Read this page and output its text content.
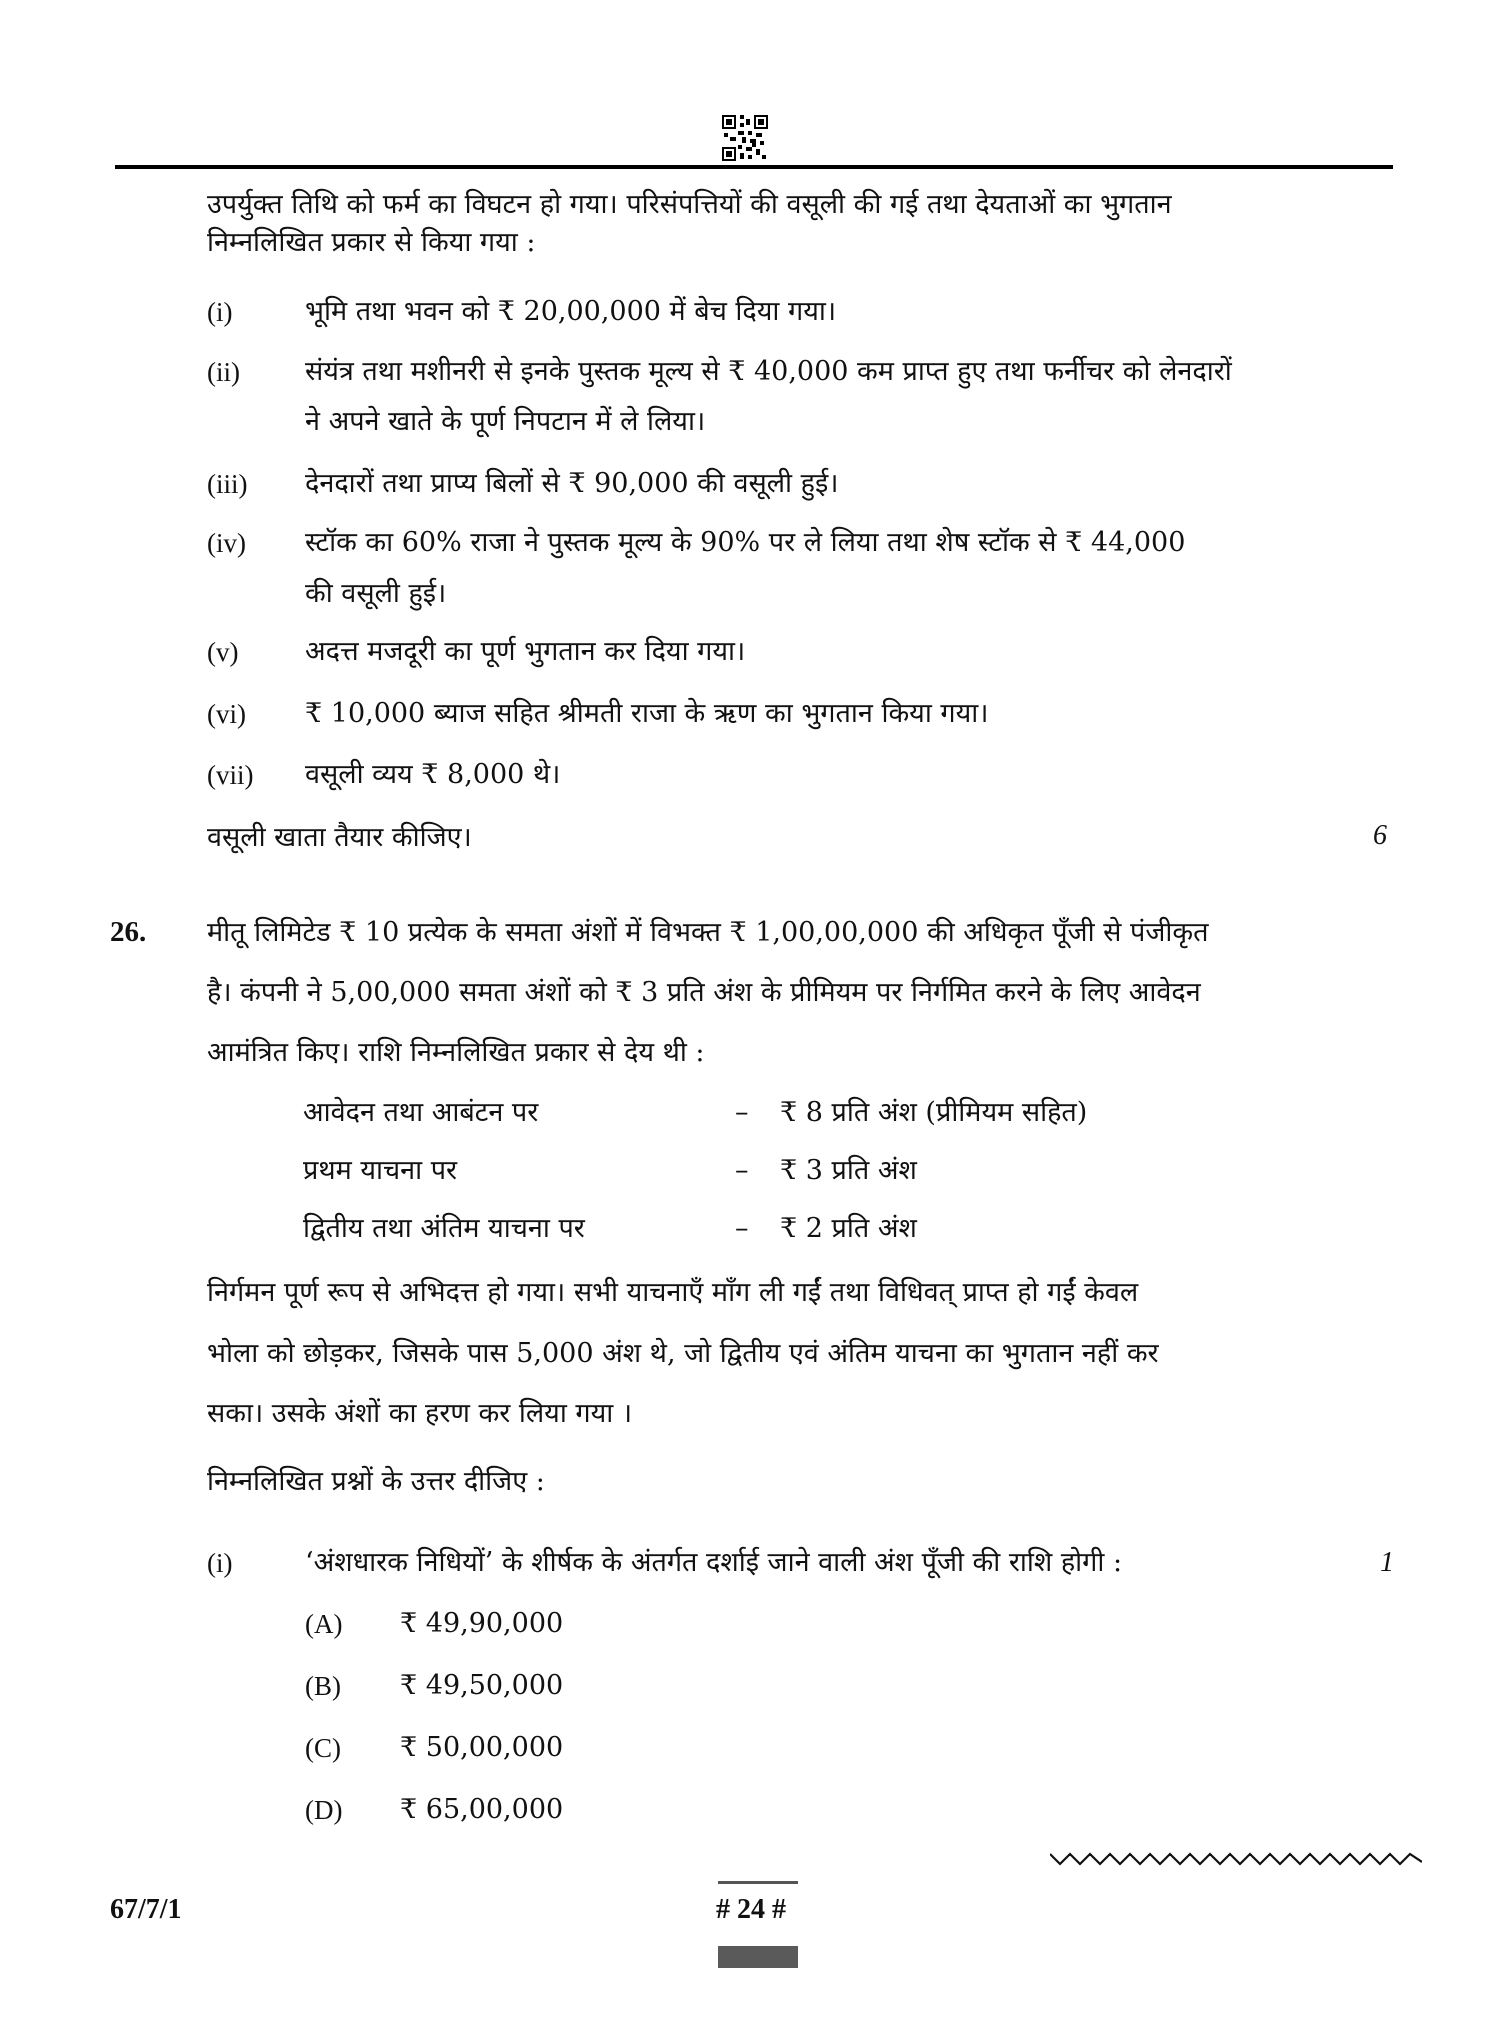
उपर्युक्त तिथि को फर्म का विघटन हो गया। परिसंपत्तियों की वसूली की गई तथा देयताओं का भुगतान
निम्नलिखित प्रकार से किया गया :
(i)	भूमि तथा भवन को ₹ 20,00,000 में बेच दिया गया।
(ii) संयंत्र तथा मशीनरी से इनके पुस्तक मूल्य से ₹ 40,000 कम प्राप्त हुए तथा फर्नीचर को लेनदारों
ने अपने खाते के पूर्ण निपटान में ले लिया।
(iii) देनदारों तथा प्राप्य बिलों से ₹ 90,000 की वसूली हुई।
(iv) स्टॉक का 60% राजा ने पुस्तक मूल्य के 90% पर ले लिया तथा शेष स्टॉक से ₹ 44,000
की वसूली हुई।
(v) अदत्त मजदूरी का पूर्ण भुगतान कर दिया गया।
(vi) ₹ 10,000 ब्याज सहित श्रीमती राजा के ऋण का भुगतान किया गया।
(vii) वसूली व्यय ₹ 8,000 थे।
वसूली खाता तैयार कीजिए।	6
26. मीतू लिमिटेड ₹ 10 प्रत्येक के समता अंशों में विभक्त ₹ 1,00,00,000 की अधिकृत पूँजी से पंजीकृत
है। कंपनी ने 5,00,000 समता अंशों को ₹ 3 प्रति अंश के प्रीमियम पर निर्गमित करने के लिए आवेदन
आमंत्रित किए। राशि निम्नलिखित प्रकार से देय थी :
आवेदन तथा आबंटन पर	– ₹ 8 प्रति अंश (प्रीमियम सहित)
प्रथम याचना पर	– ₹ 3 प्रति अंश
द्वितीय तथा अंतिम याचना पर	– ₹ 2 प्रति अंश
निर्गमन पूर्ण रूप से अभिदत्त हो गया। सभी याचनाएँ माँग ली गईं तथा विधिवत् प्राप्त हो गईं केवल
भोला को छोड़कर, जिसके पास 5,000 अंश थे, जो द्वितीय एवं अंतिम याचना का भुगतान नहीं कर
सका। उसके अंशों का हरण कर लिया गया ।
निम्नलिखित प्रश्नों के उत्तर दीजिए :
(i)	‘अंशधारक निधियों’ के शीर्षक के अंतर्गत दर्शाई जाने वाली अंश पूँजी की राशि होगी :	1
(A) ₹ 49,90,000
(B) ₹ 49,50,000
(C) ₹ 50,00,000
(D) ₹ 65,00,000
67/7/1	# 24 #
